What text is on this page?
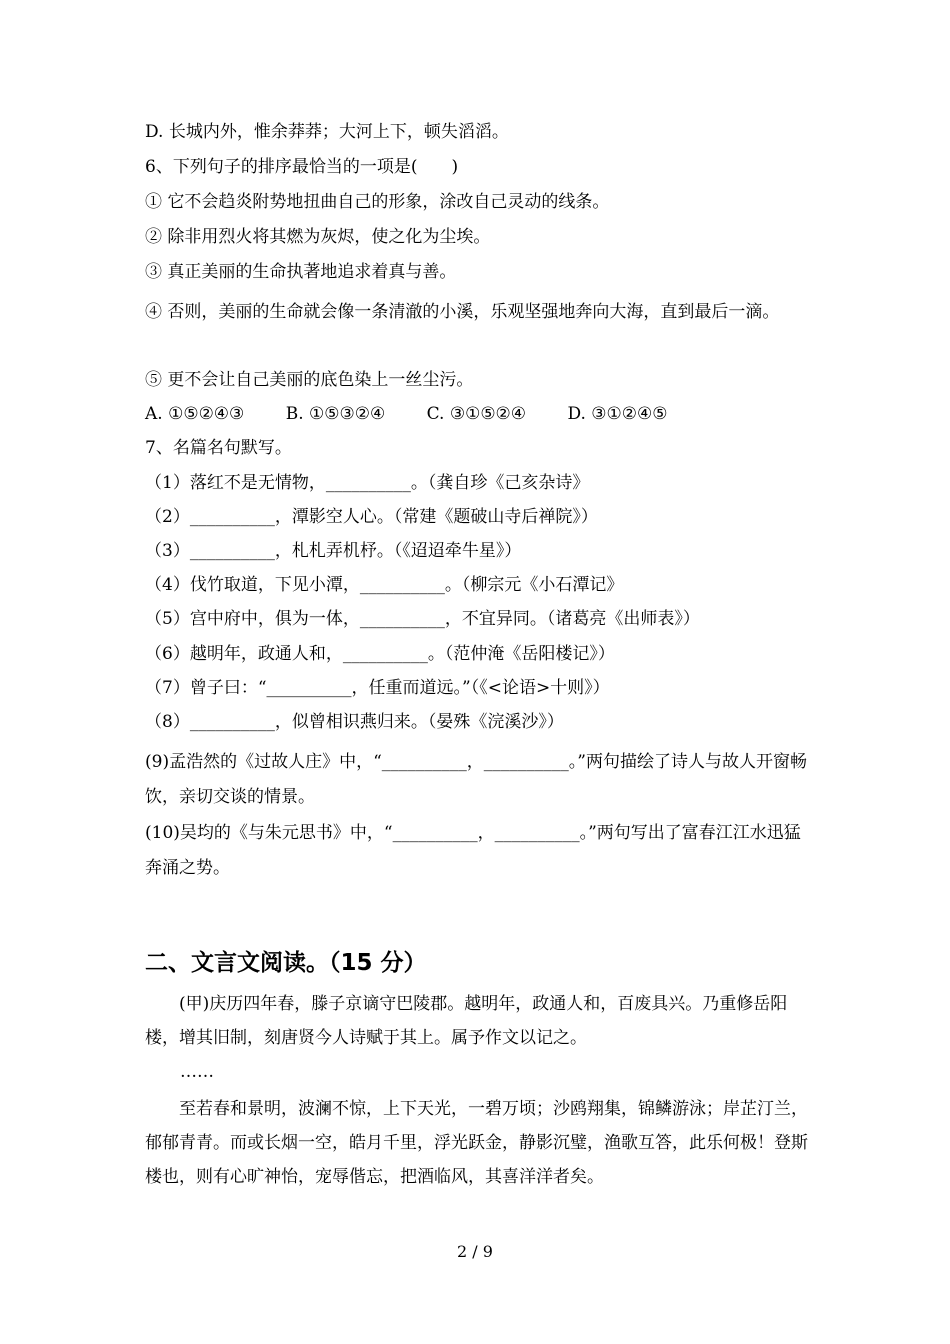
D. 长城内外，惟余莽莽；大河上下，顿失滔滔。
6、下列句子的排序最恰当的一项是(　　)
① 它不会趋炎附势地扭曲自己的形象，涂改自己灵动的线条。
② 除非用烈火将其燃为灰烬，使之化为尘埃。
③ 真正美丽的生命执著地追求着真与善。
④ 否则，美丽的生命就会像一条清澈的小溪，乐观坚强地奔向大海，直到最后一滴。
⑤ 更不会让自己美丽的底色染上一丝尘污。
A. ①⑤②④③ B. ①⑤③②④ C. ③①⑤②④ D. ③①②④⑤
7、名篇名句默写。
（1）落红不是无情物，__________。（龚自珍《己亥杂诗》
（2）__________，潭影空人心。（常建《题破山寺后禅院》）
（3）__________，札札弄机杼。（《迢迢牵牛星》）
（4）伐竹取道，下见小潭，__________。（柳宗元《小石潭记》
（5）宫中府中，俱为一体，__________，不宜异同。（诸葛亮《出师表》）
（6）越明年，政通人和，__________。（范仲淹《岳阳楼记》）
（7）曾子曰：“__________，任重而道远。”（《<论语>十则》）
（8）__________，似曾相识燕归来。（晏殊《浣溪沙》）
(9)孟浩然的《过故人庄》中，“__________，__________。”两句描绘了诗人与故人开窗畅饮，亲切交谈的情景。
(10)吴均的《与朱元思书》中，“__________，__________。”两句写出了富春江江水迅猛奔涌之势。
二、文言文阅读。（15 分）
(甲)庆历四年春，滕子京谪守巴陵郡。越明年，政通人和，百废具兴。乃重修岳阳楼，增其旧制，刻唐贤今人诗赋于其上。属予作文以记之。
……
至若春和景明，波澜不惊，上下天光，一碧万顷；沙鸥翔集，锦鳞游泳；岸芷汀兰，郁郁青青。而或长烟一空，皓月千里，浮光跃金，静影沉璧，渔歌互答，此乐何极！登斯楼也，则有心旷神怡，宠辱偕忘，把酒临风，其喜洋洋者矣。
2 / 9
